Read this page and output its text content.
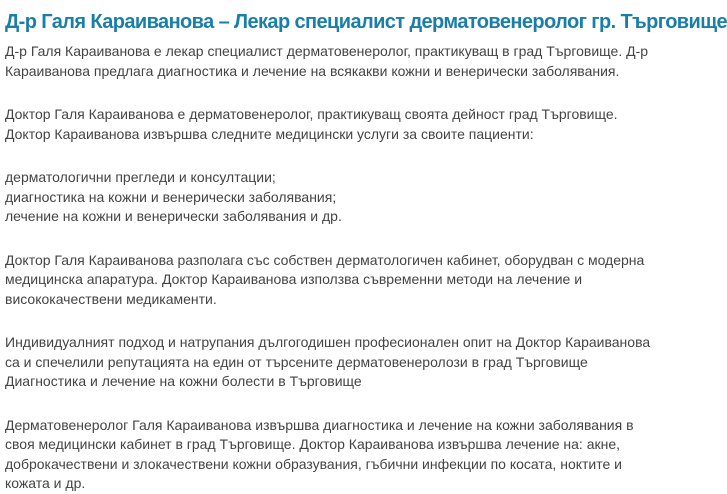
Д-р Галя Караиванова – Лекар специалист дерматовенеролог гр. Търговище

Д-р Галя Караиванова е лекар специалист дерматовенеролог, практикуващ в град Търговище. Д-р
Караиванова предлага диагностика и лечение на всякакви кожни и венерически заболявания.

Доктор Галя Караиванова е дерматовенеролог, практикуващ своята дейност град Търговище.
Доктор Караиванова извършва следните медицински услуги за своите пациенти:

дерматологични прегледи и консултации;
диагностика на кожни и венерически заболявания;
лечение на кожни и венерически заболявания и др.

Доктор Галя Караиванова разполага със собствен дерматологичен кабинет, оборудван с модерна
медицинска апаратура. Доктор Караиванова използва съвременни методи на лечение и
висококачествени медикаменти.

Индивидуалният подход и натрупания дългогодишен професионален опит на Доктор Караиванова
са и спечелили репутацията на един от търсените дерматовенеролози в град Търговище
Диагностика и лечение на кожни болести в Търговище

Дерматовенеролог Галя Караиванова извършва диагностика и лечение на кожни заболявания в
своя медицински кабинет в град Търговище. Доктор Караиванова извършва лечение на: акне,
доброкачествени и злокачествени кожни образувания, гъбични инфекции по косата, ноктите и
кожата и др.
